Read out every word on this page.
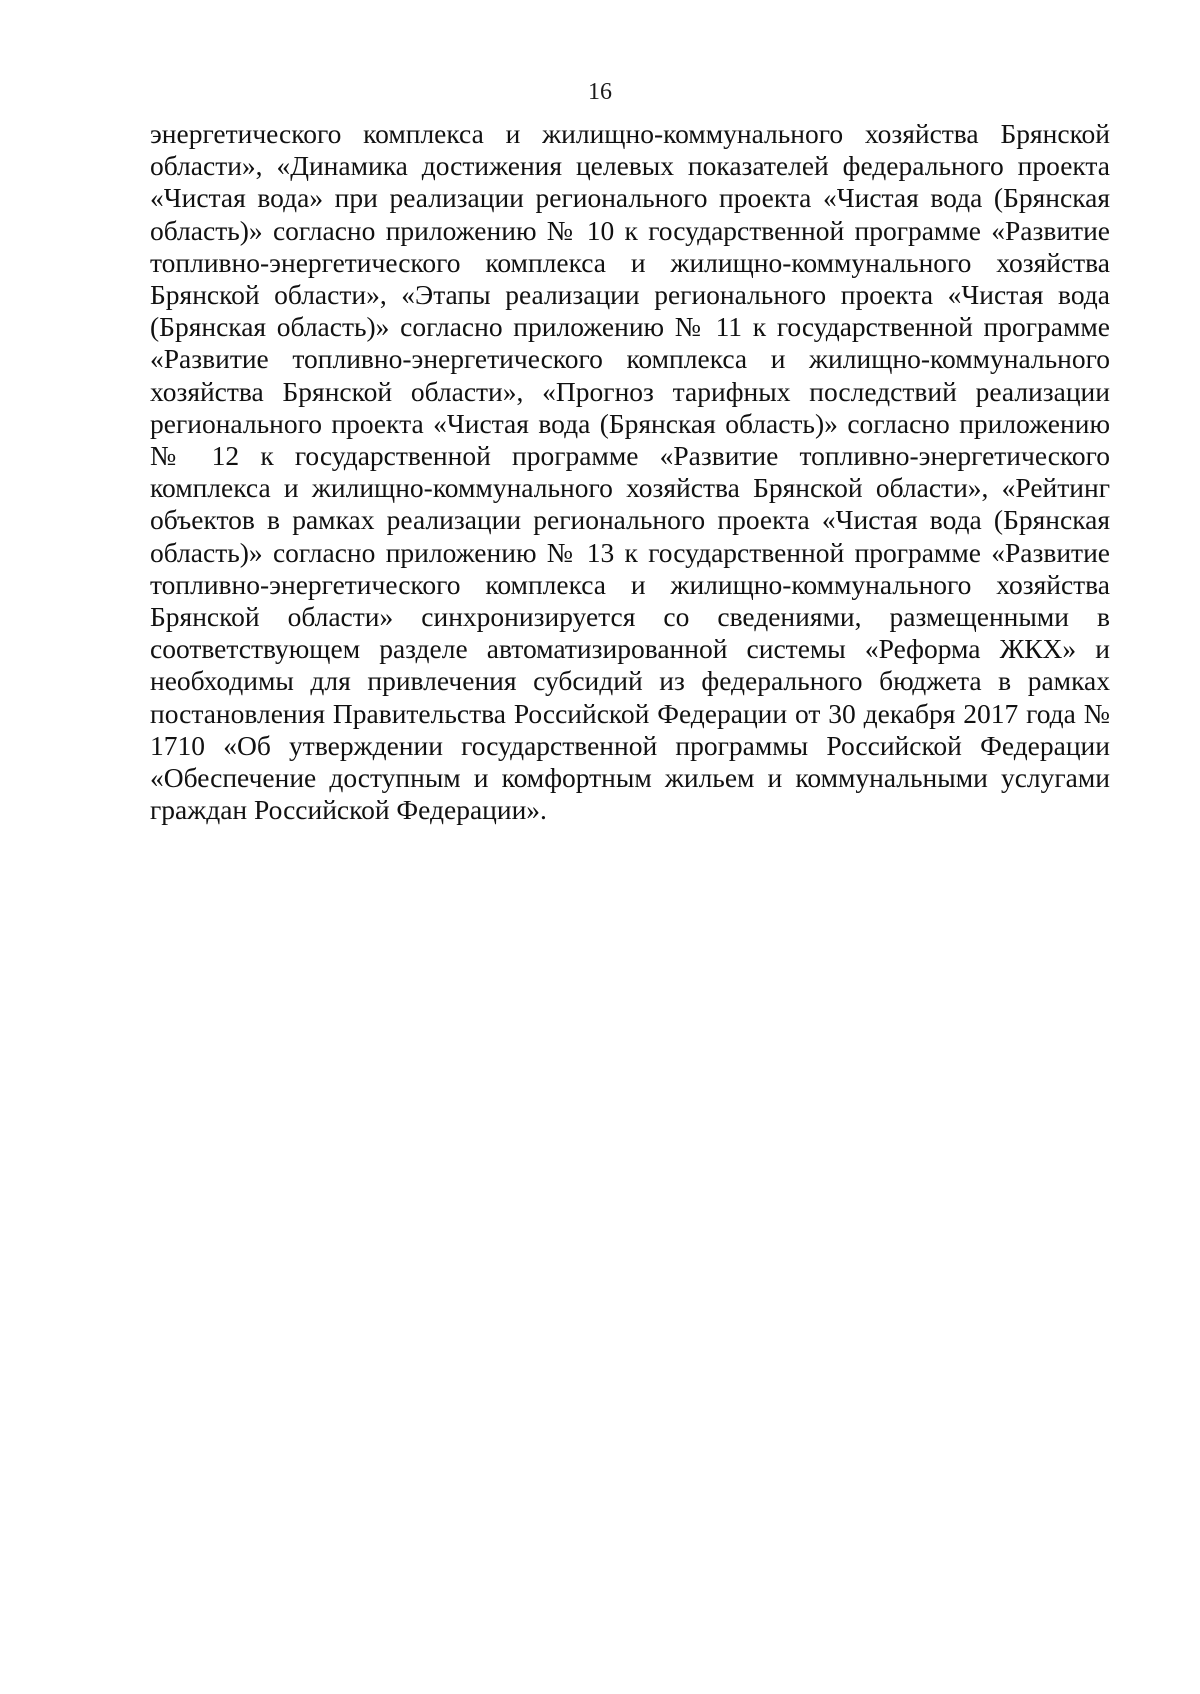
16

энергетического комплекса и жилищно-коммунального хозяйства Брянской области», «Динамика достижения целевых показателей федерального проекта «Чистая вода» при реализации регионального проекта «Чистая вода (Брянская область)» согласно приложению № 10 к государственной программе «Развитие топливно-энергетического комплекса и жилищно-коммунального хозяйства Брянской области», «Этапы реализации регионального проекта «Чистая вода (Брянская область)» согласно приложению № 11 к государственной программе «Развитие топливно-энергетического комплекса и жилищно-коммунального хозяйства Брянской области», «Прогноз тарифных последствий реализации регионального проекта «Чистая вода (Брянская область)» согласно приложению № 12 к государственной программе «Развитие топливно-энергетического комплекса и жилищно-коммунального хозяйства Брянской области», «Рейтинг объектов в рамках реализации регионального проекта «Чистая вода (Брянская область)» согласно приложению № 13 к государственной программе «Развитие топливно-энергетического комплекса и жилищно-коммунального хозяйства Брянской области» синхронизируется со сведениями, размещенными в соответствующем разделе автоматизированной системы «Реформа ЖКХ» и необходимы для привлечения субсидий из федерального бюджета в рамках постановления Правительства Российской Федерации от 30 декабря 2017 года № 1710 «Об утверждении государственной программы Российской Федерации «Обеспечение доступным и комфортным жильем и коммунальными услугами граждан Российской Федерации».
